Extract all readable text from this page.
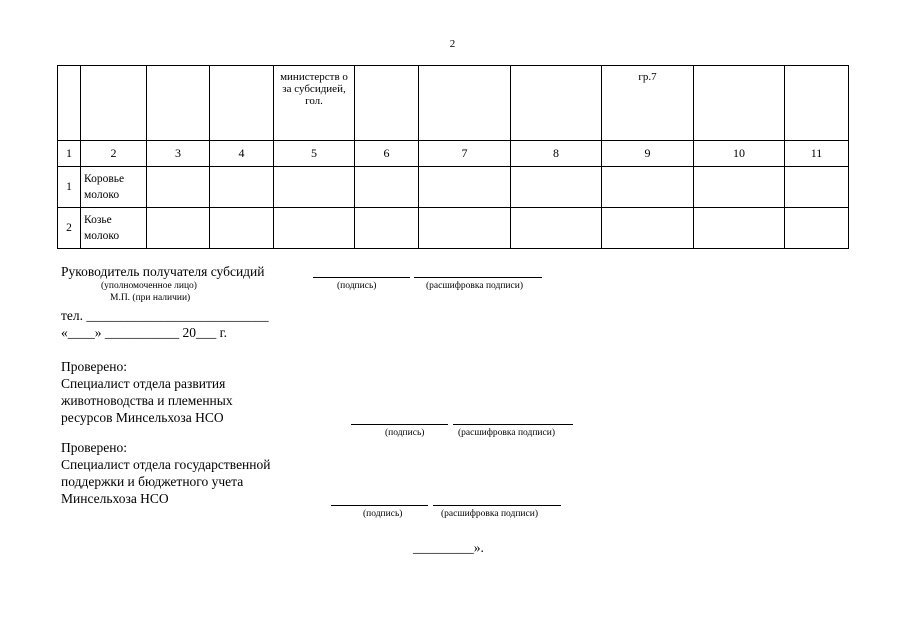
2
				министерств о за субсидией, гол.				гр.7		
1	2	3	4	5	6	7	8	9	10	11
1	Коровье молоко									
2	Козье молоко									
Руководитель получателя субсидий
(уполномоченное лицо)	(подпись)	(расшифровка подписи)
М.П. (при наличии)
тел. ___________________________
«____» ___________ 20___ г.
Проверено:
Специалист отдела развития
животноводства и племенных
ресурсов Минсельхоза НСО
(подпись)	(расшифровка подписи)
Проверено:
Специалист отдела государственной
поддержки и бюджетного учета
Минсельхоза НСО
(подпись)	(расшифровка подписи)
_________».
